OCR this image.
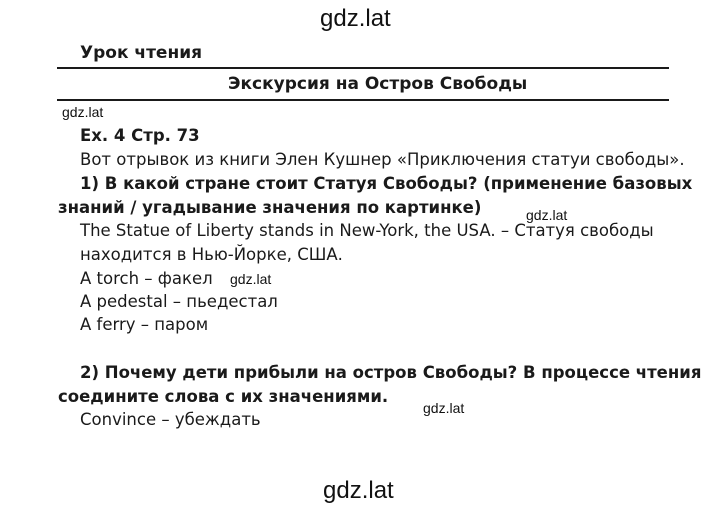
gdz.lat
Урок чтения
Экскурсия на Остров Свободы
gdz.lat
Ex. 4 Стр. 73
Вот отрывок из книги Элен Кушнер «Приключения статуи свободы».
1) В какой стране стоит Статуя Свободы? (применение базовых
знаний / угадывание значения по картинке)	gdz.lat
The Statue of Liberty stands in New-York, the USA. – Статуя свободы
находится в Нью-Йорке, США.
A torch – факел gdz.lat
A pedestal – пьедестал
A ferry – паром
2) Почему дети прибыли на остров Свободы? В процессе чтения
соедините слова с их значениями.
gdz.lat
Convince – убеждать
gdz.lat
